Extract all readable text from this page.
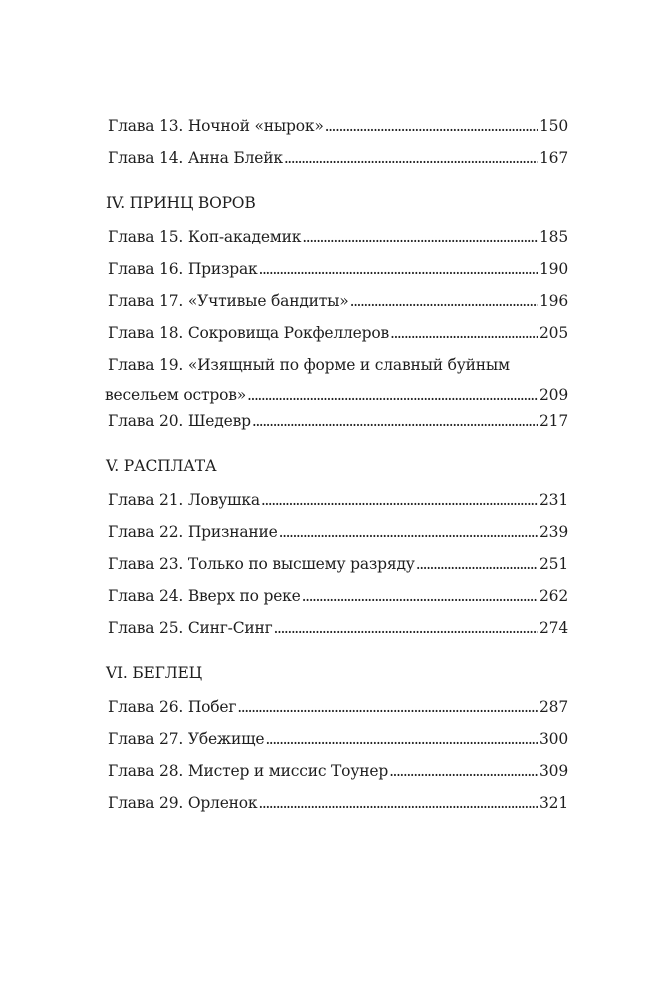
Глава 13. Ночной «нырок» . . .	150
Глава 14. Анна Блейк . . .	167
IV. ПРИНЦ ВОРОВ
Глава 15. Коп-академик . . .	185
Глава 16. Призрак . . .	190
Глава 17. «Учтивые бандиты» . . .	196
Глава 18. Сокровища Рокфеллеров . . .	205
Глава 19. «Изящный по форме и славный буйным
весельем остров» . . .	209
Глава 20. Шедевр . . .	217
V. РАСПЛАТА
Глава 21. Ловушка . . .	231
Глава 22. Признание . . .	239
Глава 23. Только по высшему разряду . . .	251
Глава 24. Вверх по реке . . .	262
Глава 25. Синг-Синг . . .	274
VI. БЕГЛЕЦ
Глава 26. Побег . . .	287
Глава 27. Убежище . . .	300
Глава 28. Мистер и миссис Тоунер . . .	309
Глава 29. Орленок . . .	321
